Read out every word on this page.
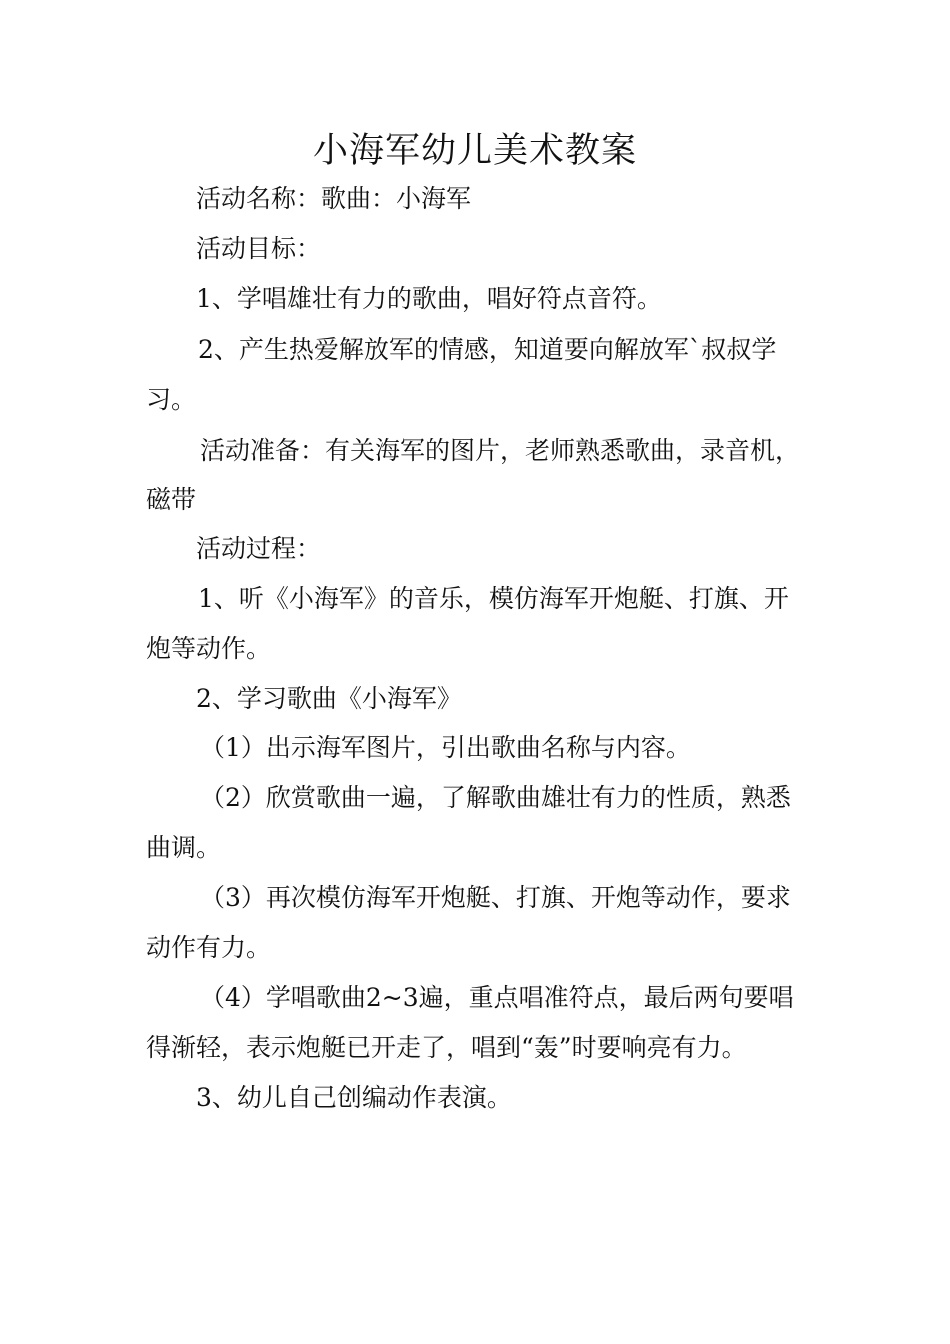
小海军幼儿美术教案
活动名称：歌曲：小海军
活动目标：
1、学唱雄壮有力的歌曲，唱好符点音符。
2、产生热爱解放军的情感，知道要向解放军`叔叔学
习。
活动准备：有关海军的图片，老师熟悉歌曲，录音机，
磁带
活动过程：
1、听《小海军》的音乐，模仿海军开炮艇、打旗、开
炮等动作。
2、学习歌曲《小海军》
（1）出示海军图片，引出歌曲名称与内容。
（2）欣赏歌曲一遍，了解歌曲雄壮有力的性质，熟悉
曲调。
（3）再次模仿海军开炮艇、打旗、开炮等动作，要求
动作有力。
（4）学唱歌曲2~3遍，重点唱准符点，最后两句要唱
得渐轻，表示炮艇已开走了，唱到“轰”时要响亮有力。
3、幼儿自己创编动作表演。
